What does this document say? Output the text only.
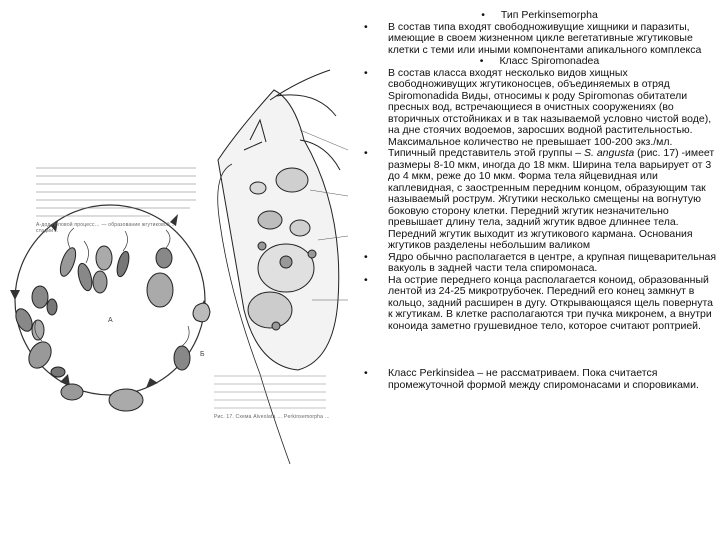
А-дод половой процесс… — образование жгутиковой … стадии…
Рис. 17. Схема Alveolata … Perkinsemorpha …
A
Б
• Тип Perkinsemorpha
• В состав типа входят свободноживущие хищники и паразиты, имеющие в своем жизненном цикле вегетативные жгутиковые клетки с теми или иными компонентами апикального комплекса
• Класс Spiromonadea
• В состав класса входят несколько видов хищных свободноживущих жгутиконосцев, объединяемых в отряд Spiromonadida Виды, относимы к роду Spiromonas обитатели пресных вод, встречающиеся в очистных сооружениях (во вторичных отстойниках и в так называемой условно чистой воде), на дне стоячих водоемов, заросших водной растительностью. Максимальное количество не превышает 100-200 экз./мл.
• Типичный представитель этой группы – S. angusta (рис. 17) -имеет размеры 8-10 мкм, иногда до 18 мкм. Ширина тела варьирует от 3 до 4 мкм, реже до 10 мкм. Форма тела яйцевидная или каплевидная, с заостренным передним концом, образующим так называемый рострум. Жгутики несколько смещены на вогнутую боковую сторону клетки. Передний жгутик незначительно превышает длину тела, задний жгутик вдвое длиннее тела. Передний жгутик выходит из жгутикового кармана. Основания жгутиков разделены небольшим валиком
• Ядро обычно располагается в центре, а крупная пищеварительная вакуоль в задней части тела спиромонаса.
• На острие переднего конца располагается коноид, образованный лентой из 24-25 микротрубочек. Передний его конец замкнут в кольцо, задний расширен в дугу. Открывающаяся щель повернута к жгутикам. В клетке располагаются три пучка микронем, а внутри коноида заметно грушевидное тело, которое считают роптрией.
• Класс Perkinsidea – не рассматриваем. Пока считается промежуточной формой между спиромонасами и споровиками.
